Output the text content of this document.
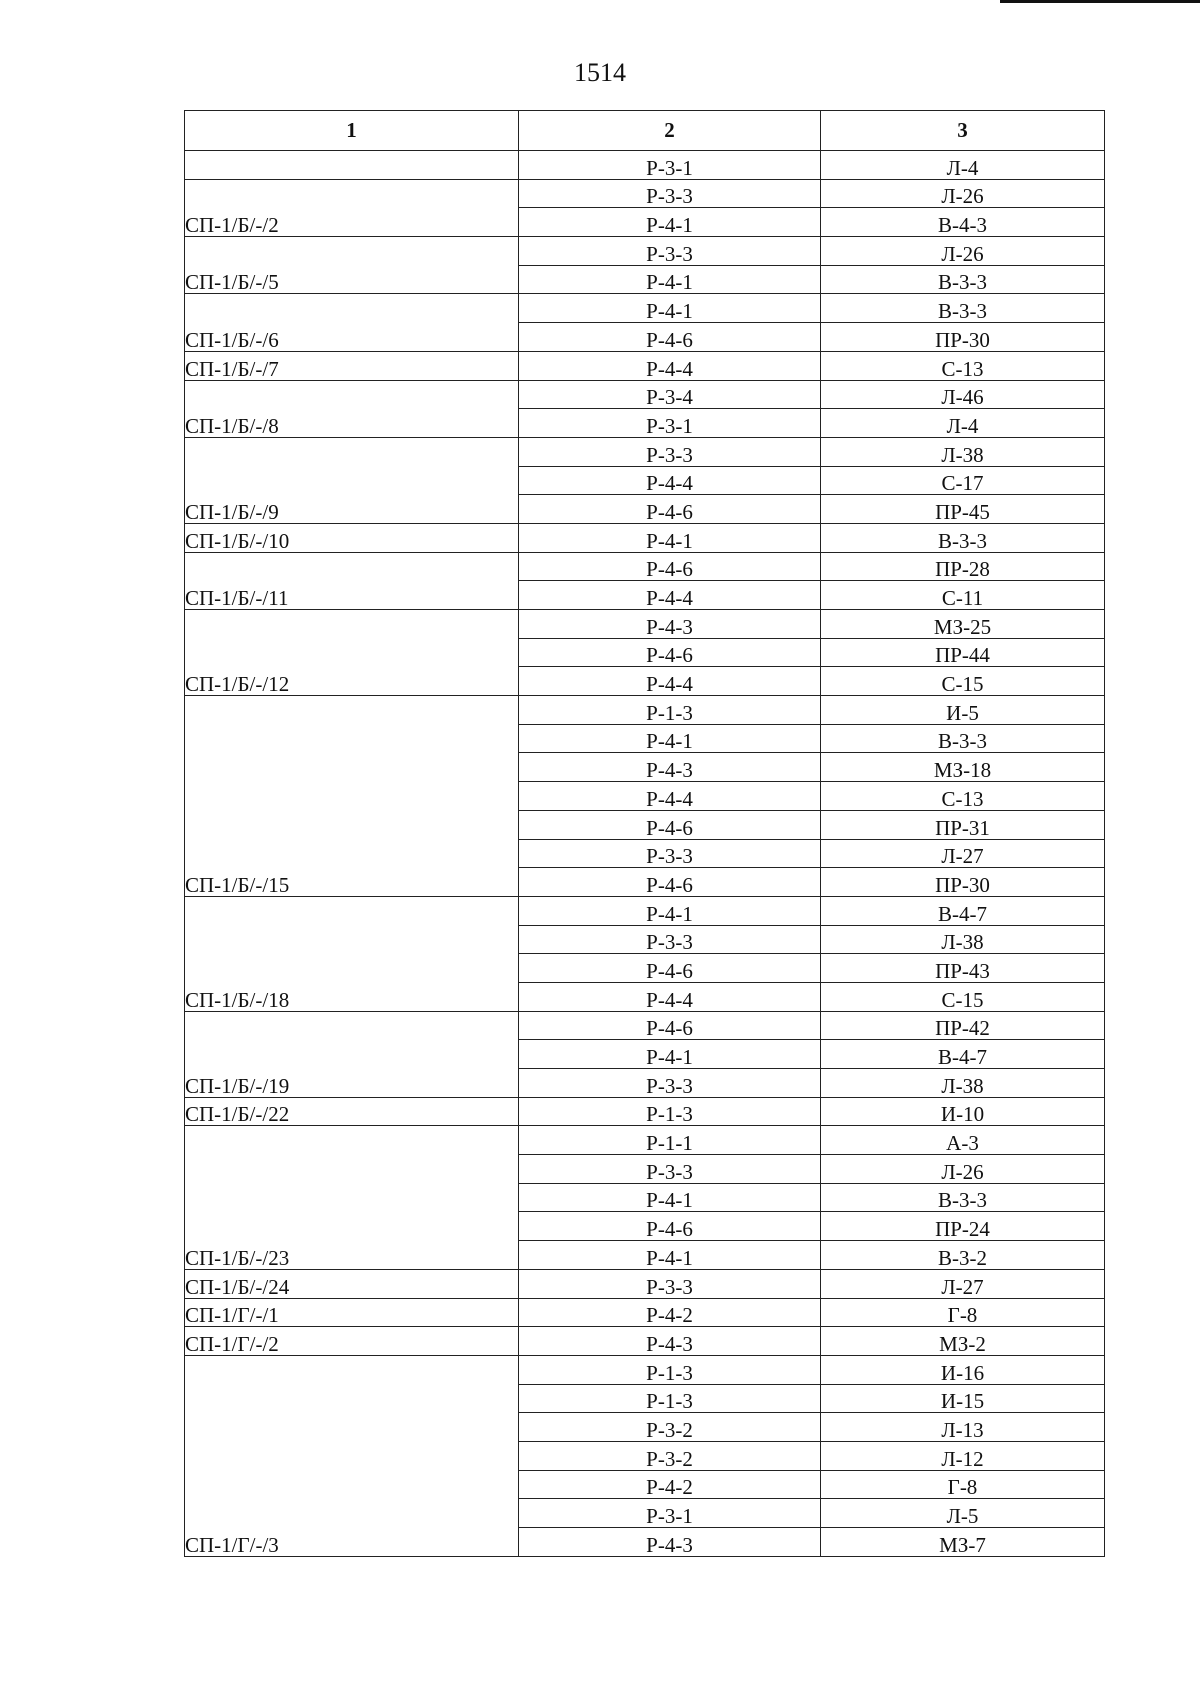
1514
1	2	3
	Р-3-1	Л-4
СП-1/Б/-/2	Р-3-3	Л-26
	Р-4-1	В-4-3
СП-1/Б/-/5	Р-3-3	Л-26
	Р-4-1	В-3-3
СП-1/Б/-/6	Р-4-1	В-3-3
	Р-4-6	ПР-30
СП-1/Б/-/7	Р-4-4	С-13
СП-1/Б/-/8	Р-3-4	Л-46
	Р-3-1	Л-4
СП-1/Б/-/9	Р-3-3	Л-38
	Р-4-4	С-17
	Р-4-6	ПР-45
СП-1/Б/-/10	Р-4-1	В-3-3
СП-1/Б/-/11	Р-4-6	ПР-28
	Р-4-4	С-11
СП-1/Б/-/12	Р-4-3	МЗ-25
	Р-4-6	ПР-44
	Р-4-4	С-15
СП-1/Б/-/15	Р-1-3	И-5
	Р-4-1	В-3-3
	Р-4-3	МЗ-18
	Р-4-4	С-13
	Р-4-6	ПР-31
	Р-3-3	Л-27
	Р-4-6	ПР-30
СП-1/Б/-/18	Р-4-1	В-4-7
	Р-3-3	Л-38
	Р-4-6	ПР-43
	Р-4-4	С-15
СП-1/Б/-/19	Р-4-6	ПР-42
	Р-4-1	В-4-7
	Р-3-3	Л-38
СП-1/Б/-/22	Р-1-3	И-10
СП-1/Б/-/23	Р-1-1	А-3
	Р-3-3	Л-26
	Р-4-1	В-3-3
	Р-4-6	ПР-24
	Р-4-1	В-3-2
СП-1/Б/-/24	Р-3-3	Л-27
СП-1/Г/-/1	Р-4-2	Г-8
СП-1/Г/-/2	Р-4-3	МЗ-2
СП-1/Г/-/3	Р-1-3	И-16
	Р-1-3	И-15
	Р-3-2	Л-13
	Р-3-2	Л-12
	Р-4-2	Г-8
	Р-3-1	Л-5
	Р-4-3	МЗ-7
